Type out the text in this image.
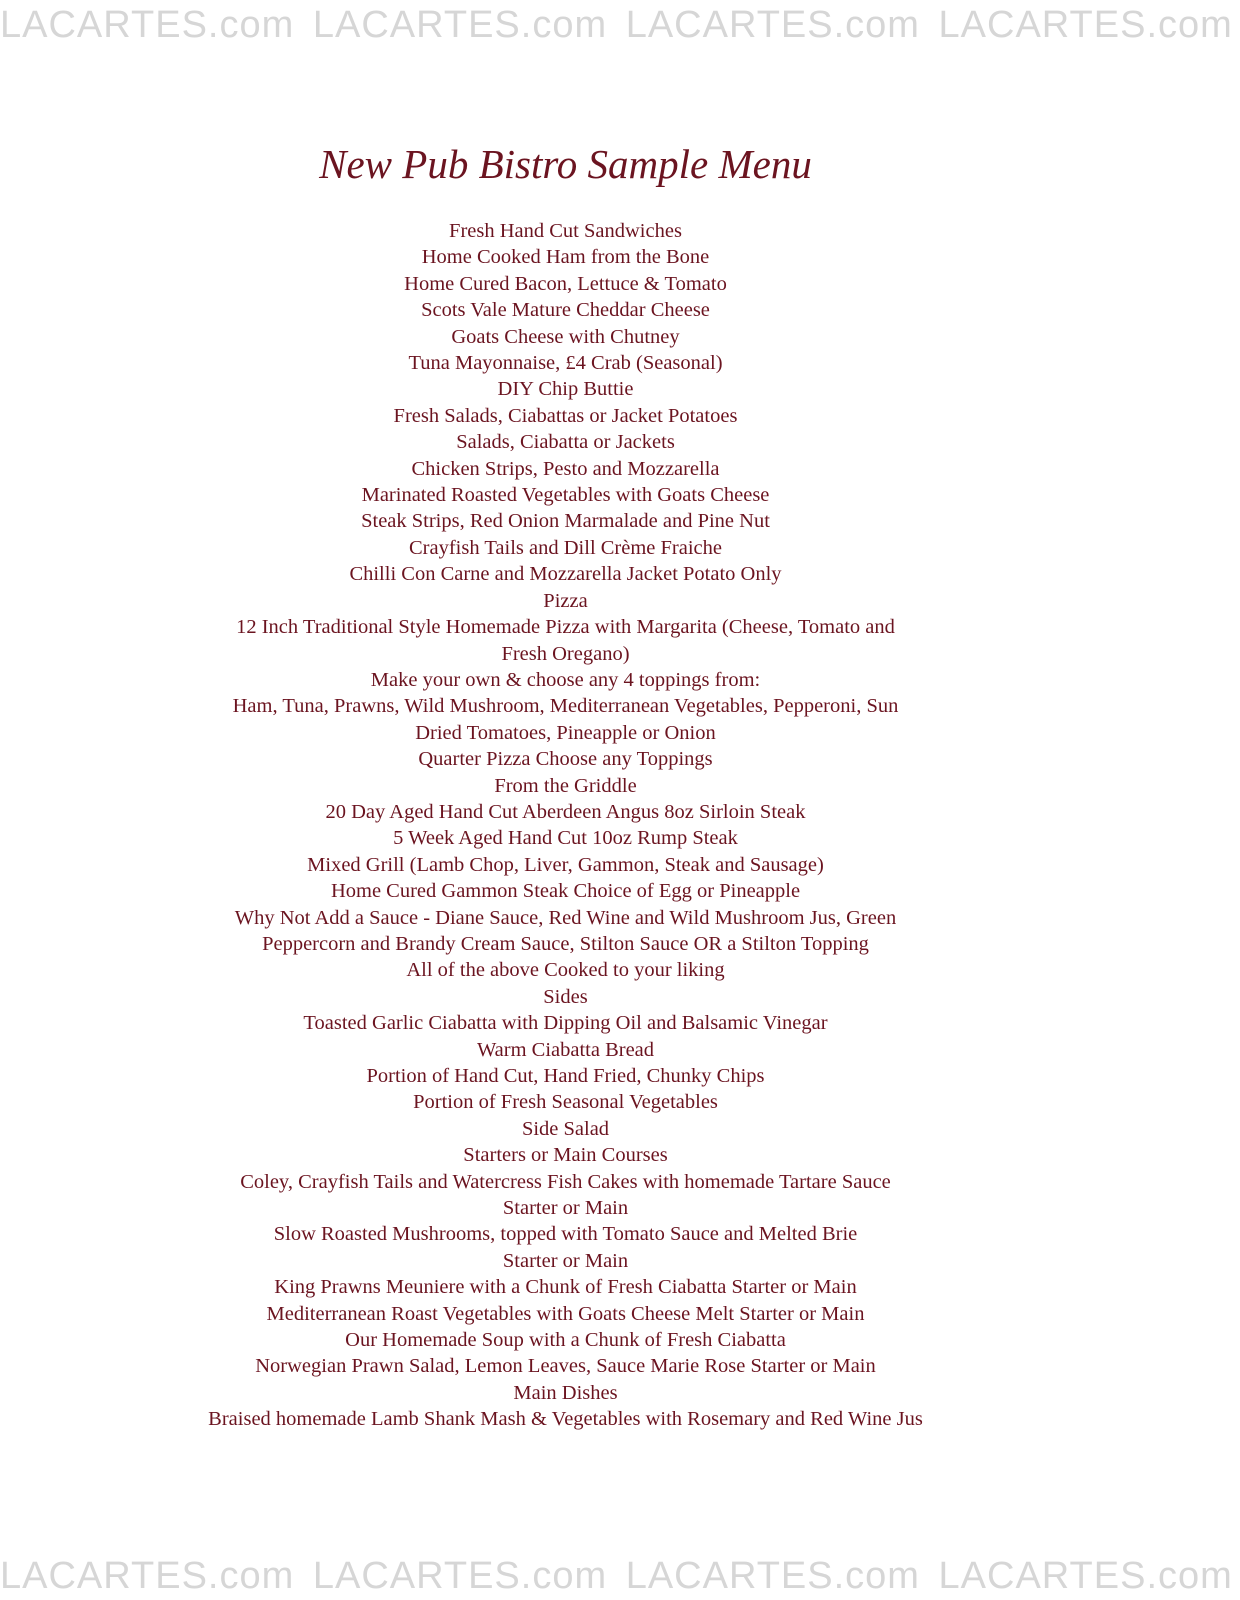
LACARTES.com LACARTES.com LACARTES.com LACARTES.com
New Pub Bistro Sample Menu
Fresh Hand Cut Sandwiches
Home Cooked Ham from the Bone
Home Cured Bacon, Lettuce & Tomato
Scots Vale Mature Cheddar Cheese
Goats Cheese with Chutney
Tuna Mayonnaise, £4 Crab (Seasonal)
DIY Chip Buttie
Fresh Salads, Ciabattas or Jacket Potatoes
Salads, Ciabatta or Jackets
Chicken Strips, Pesto and Mozzarella
Marinated Roasted Vegetables with Goats Cheese
Steak Strips, Red Onion Marmalade and Pine Nut
Crayfish Tails and Dill Crème Fraiche
Chilli Con Carne and Mozzarella Jacket Potato Only
Pizza
12 Inch Traditional Style Homemade Pizza with Margarita (Cheese, Tomato and
Fresh Oregano)
Make your own & choose any 4 toppings from:
Ham, Tuna, Prawns, Wild Mushroom, Mediterranean Vegetables, Pepperoni, Sun
Dried Tomatoes, Pineapple or Onion
Quarter Pizza Choose any Toppings
From the Griddle
20 Day Aged Hand Cut Aberdeen Angus 8oz Sirloin Steak
5 Week Aged Hand Cut 10oz Rump Steak
Mixed Grill (Lamb Chop, Liver, Gammon, Steak and Sausage)
Home Cured Gammon Steak Choice of Egg or Pineapple
Why Not Add a Sauce - Diane Sauce, Red Wine and Wild Mushroom Jus, Green
Peppercorn and Brandy Cream Sauce, Stilton Sauce OR a Stilton Topping
All of the above Cooked to your liking
Sides
Toasted Garlic Ciabatta with Dipping Oil and Balsamic Vinegar
Warm Ciabatta Bread
Portion of Hand Cut, Hand Fried, Chunky Chips
Portion of Fresh Seasonal Vegetables
Side Salad
Starters or Main Courses
Coley, Crayfish Tails and Watercress Fish Cakes with homemade Tartare Sauce
Starter or Main
Slow Roasted Mushrooms, topped with Tomato Sauce and Melted Brie
Starter or Main
King Prawns Meuniere with a Chunk of Fresh Ciabatta Starter or Main
Mediterranean Roast Vegetables with Goats Cheese Melt Starter or Main
Our Homemade Soup with a Chunk of Fresh Ciabatta
Norwegian Prawn Salad, Lemon Leaves, Sauce Marie Rose Starter or Main
Main Dishes
Braised homemade Lamb Shank Mash & Vegetables with Rosemary and Red Wine Jus
LACARTES.com LACARTES.com LACARTES.com LACARTES.com
